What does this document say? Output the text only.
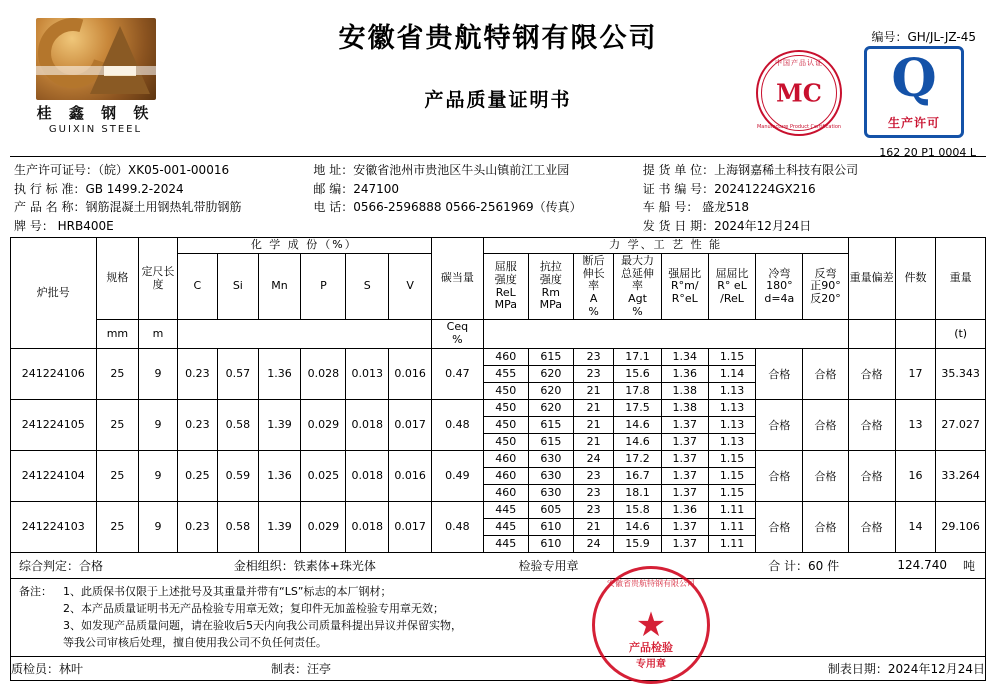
桂 鑫 钢 铁
GUIXIN STEEL
安徽省贵航特钢有限公司
产品质量证明书
编号：GH/JL-JZ-45
中国产品认证
MC
Manufacture Product Certification
Q
生产许可
162 20 P1 0004 L
生产许可证号：（皖）XK05-001-00016
执 行 标 准：GB 1499.2-2024
产 品 名 称：钢筋混凝土用钢热轧带肋钢筋
牌 号： HRB400E
地 址：安徽省池州市贵池区牛头山镇前江工业园
邮 编：247100
电 话：0566-2596888 0566-2561969（传真）
提 货 单 位：上海钢嘉稀土科技有限公司
证 书 编 号：20241224GX216
车 船 号： 盛龙518
发 货 日 期：2024年12月24日
炉批号	规格	定尺长度	化 学 成 份（%）						碳当量	力 学、工 艺 性 能								重量偏差	件数	重量
			C	Si	Mn	P	S	V		屈服
强度
ReL
MPa	抗拉
强度
Rm
MPa	断后
伸长
率
A
%	最大力
总延伸
率
Agt
%	强屈比
R°m/
R°eL	屈屈比
R° eL
/ReL	冷弯
180°
d=4a	反弯
正90°
反20°			
	mm	m							Ceq
%											(t)
241224106	25	9	0.23	0.57	1.36	0.028	0.013	0.016	0.47	460	615	23	17.1	1.34	1.15	合格	合格	合格	17	35.343
										455	620	23	15.6	1.36	1.14					
										450	620	21	17.8	1.38	1.13					
241224105	25	9	0.23	0.58	1.39	0.029	0.018	0.017	0.48	450	620	21	17.5	1.38	1.13	合格	合格	合格	13	27.027
										450	615	21	14.6	1.37	1.13					
										450	615	21	14.6	1.37	1.13					
241224104	25	9	0.25	0.59	1.36	0.025	0.018	0.016	0.49	460	630	24	17.2	1.37	1.15	合格	合格	合格	16	33.264
										460	630	23	16.7	1.37	1.15					
										460	630	23	18.1	1.37	1.15					
241224103	25	9	0.23	0.58	1.39	0.029	0.018	0.017	0.48	445	605	23	15.8	1.36	1.11	合格	合格	合格	14	29.106
										445	610	21	14.6	1.37	1.11					
										445	610	24	15.9	1.37	1.11					
综合判定：合格	金相组织：铁素体+珠光体	检验专用章	合 计：60 件	124.740	吨
备注：	1、此质保书仅限于上述批号及其重量并带有“LS”标志的本厂钢材；
2、本产品质量证明书无产品检验专用章无效；复印件无加盖检验专用章无效；
3、如发现产品质量问题，请在验收后5天内向我公司质量科提出异议并保留实物，
等我公司审核后处理，擅自使用我公司不负任何责任。
质检员：林叶	制表：汪亭	制表日期：2024年12月24日
安徽省贵航特钢有限公司
★
产品检验
专用章
